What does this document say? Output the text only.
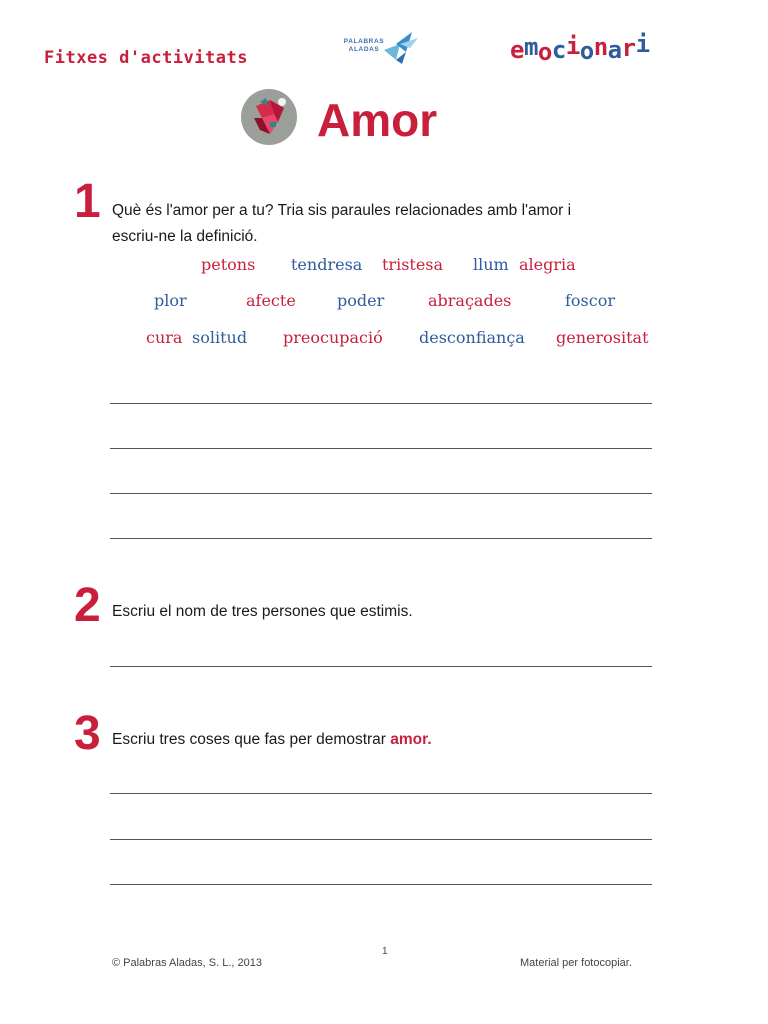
Fitxes d'activitats
PALABRAS
ALADAS	emocionari
Amor
1 Què és l'amor per a tu? Tria sis paraules relacionades amb l'amor i
escriu-ne la definició.
petons tendresa tristesa llum alegria
plor	afecte	poder	abraçades	foscor
cura solitud preocupació desconfiança generositat
2 Escriu el nom de tres persones que estimis.
3 Escriu tres coses que fas per demostrar amor.
1
© Palabras Aladas, S. L., 2013	Material per fotocopiar.
